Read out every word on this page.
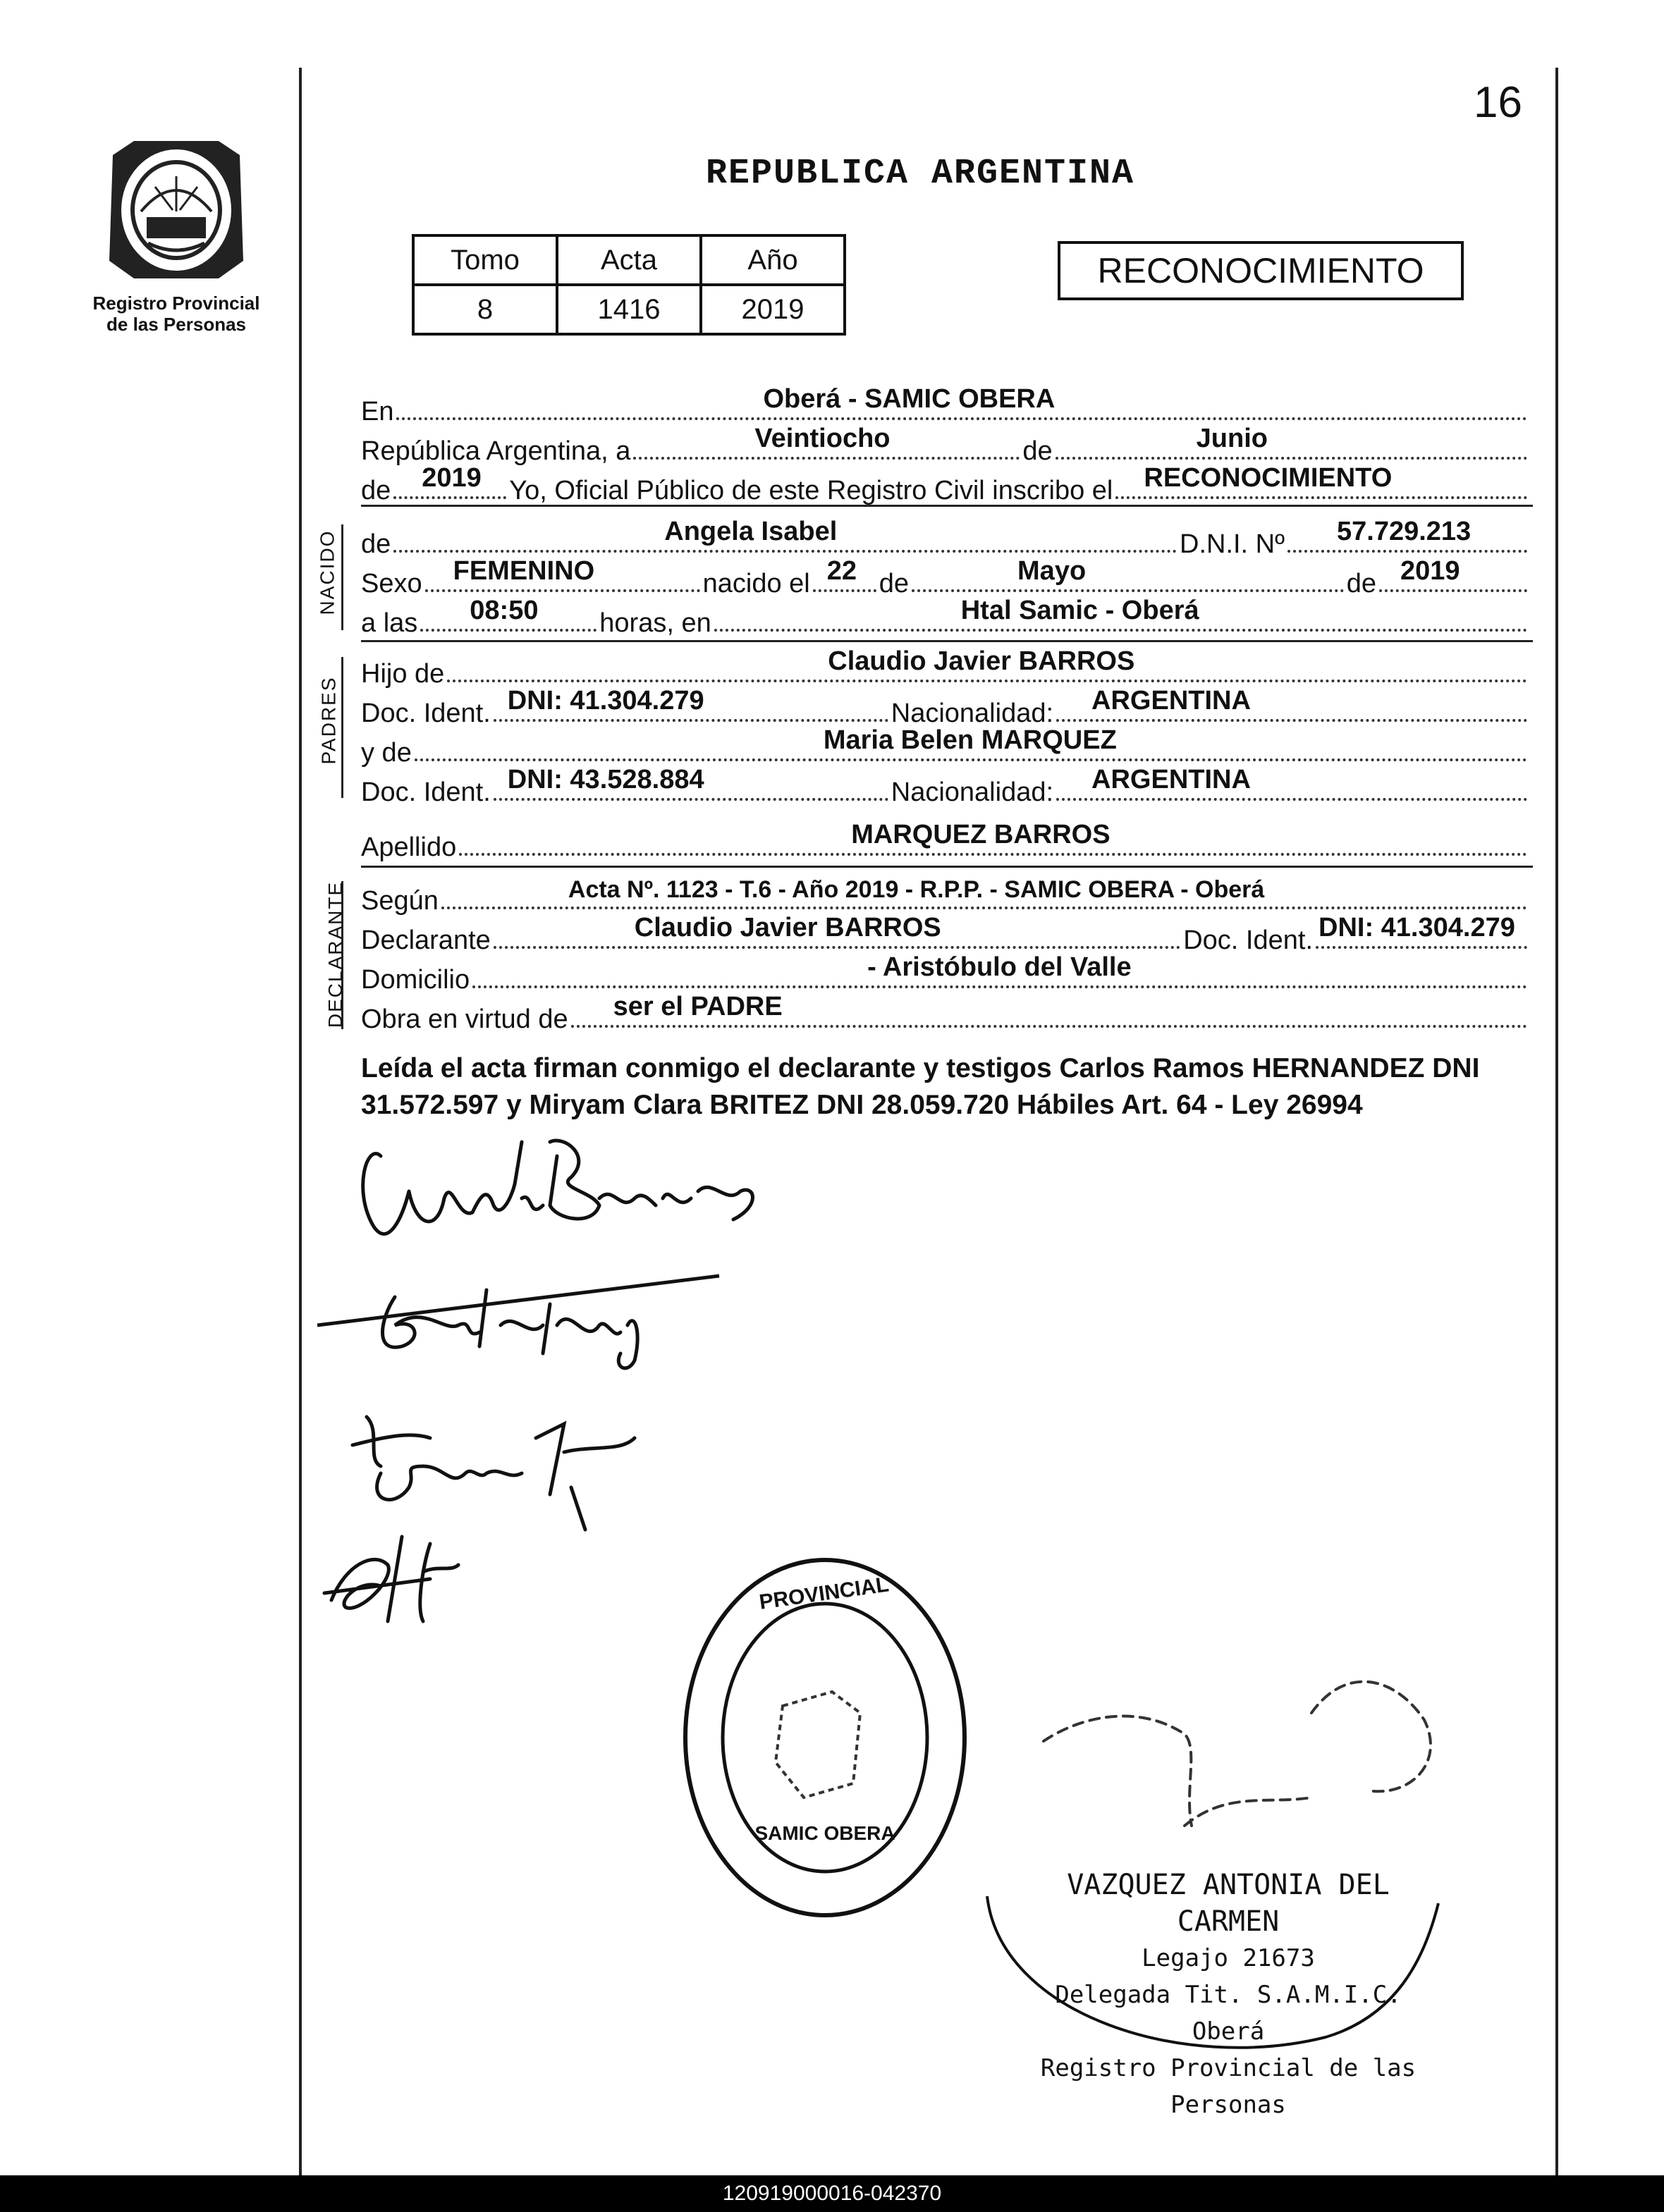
Registro Provincial
de las Personas
16
REPUBLICA ARGENTINA
Tomo	Acta	Año
8	1416	2019
RECONOCIMIENTO
NACIDO
PADRES
DECLARANTE
En	Oberá - SAMIC OBERA
República Argentina, a	Veintiocho	de	Junio
de 2019 Yo, Oficial Público de este Registro Civil inscribo el RECONOCIMIENTO
de	Angela Isabel	D.N.I. Nº 57.729.213
Sexo FEMENINO	nacido el 22 de	Mayo	de 2019
a las 08:50 horas, en	Htal Samic - Oberá
Hijo de	Claudio Javier BARROS
Doc. Ident. DNI: 41.304.279	Nacionalidad: ARGENTINA
y de	Maria Belen MARQUEZ
Doc. Ident. DNI: 43.528.884	Nacionalidad: ARGENTINA
Apellido	MARQUEZ BARROS
Según	Acta Nº. 1123 - T.6 - Año 2019 - R.P.P. - SAMIC OBERA - Oberá
Declarante	Claudio Javier BARROS	Doc. Ident. DNI: 41.304.279
Domicilio	- Aristóbulo del Valle
Obra en virtud de ser el PADRE
Leída el acta firman conmigo el declarante y testigos Carlos Ramos HERNANDEZ DNI 31.572.597 y Miryam Clara BRITEZ DNI 28.059.720 Hábiles Art. 64 - Ley 26994
PROVINCIAL
SAMIC OBERA
VAZQUEZ ANTONIA DEL CARMEN
Legajo 21673
Delegada Tit. S.A.M.I.C. Oberá
Registro Provincial de las Personas
120919000016-042370
